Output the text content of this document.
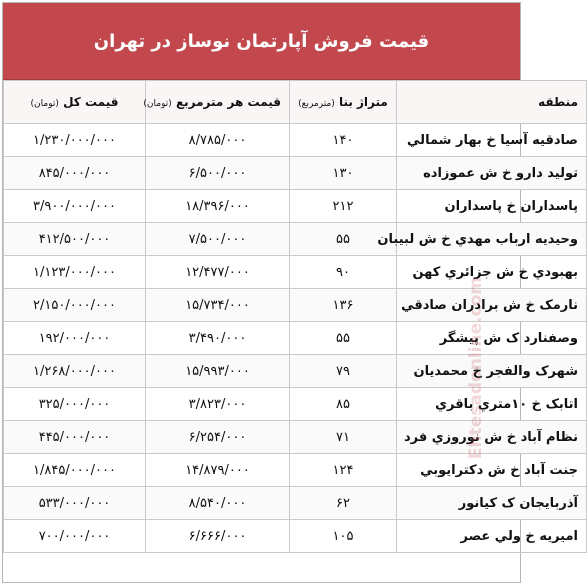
قیمت فروش آپارتمان نوساز در تهران
منطقه	متراژ بنا (مترمربع)	قیمت هر مترمربع (تومان)	قیمت کل (تومان)
صادقیه آسیا خ بهار شمالي	۱۴۰	۸/۷۸۵/۰۰۰	۱/۲۳۰/۰۰۰/۰۰۰
تولید دارو خ ش عموزاده	۱۳۰	۶/۵۰۰/۰۰۰	۸۴۵/۰۰۰/۰۰۰
پاسداران خ پاسداران	۲۱۲	۱۸/۳۹۶/۰۰۰	۳/۹۰۰/۰۰۰/۰۰۰
وحیدیه ارباب مهدي خ ش لبیبان	۵۵	۷/۵۰۰/۰۰۰	۴۱۲/۵۰۰/۰۰۰
بهبودي خ ش جزائري کهن	۹۰	۱۲/۴۷۷/۰۰۰	۱/۱۲۳/۰۰۰/۰۰۰
نارمک خ ش برادران صادقي	۱۳۶	۱۵/۷۳۴/۰۰۰	۲/۱۵۰/۰۰۰/۰۰۰
وصفنارد ک ش پیشگر	۵۵	۳/۴۹۰/۰۰۰	۱۹۲/۰۰۰/۰۰۰
شهرک والفجر خ محمدیان	۷۹	۱۵/۹۹۳/۰۰۰	۱/۲۶۸/۰۰۰/۰۰۰
اتابک خ ۱۰متري باقري	۸۵	۳/۸۲۳/۰۰۰	۳۲۵/۰۰۰/۰۰۰
نظام آباد خ ش نوروزي فرد	۷۱	۶/۲۵۴/۰۰۰	۴۴۵/۰۰۰/۰۰۰
جنت آباد خ ش دکترایوبي	۱۲۴	۱۴/۸۷۹/۰۰۰	۱/۸۴۵/۰۰۰/۰۰۰
آذربایجان ک کیانور	۶۲	۸/۵۴۰/۰۰۰	۵۳۳/۰۰۰/۰۰۰
امیریه خ ولي عصر	۱۰۵	۶/۶۶۶/۰۰۰	۷۰۰/۰۰۰/۰۰۰
Ehtesadonline.com
